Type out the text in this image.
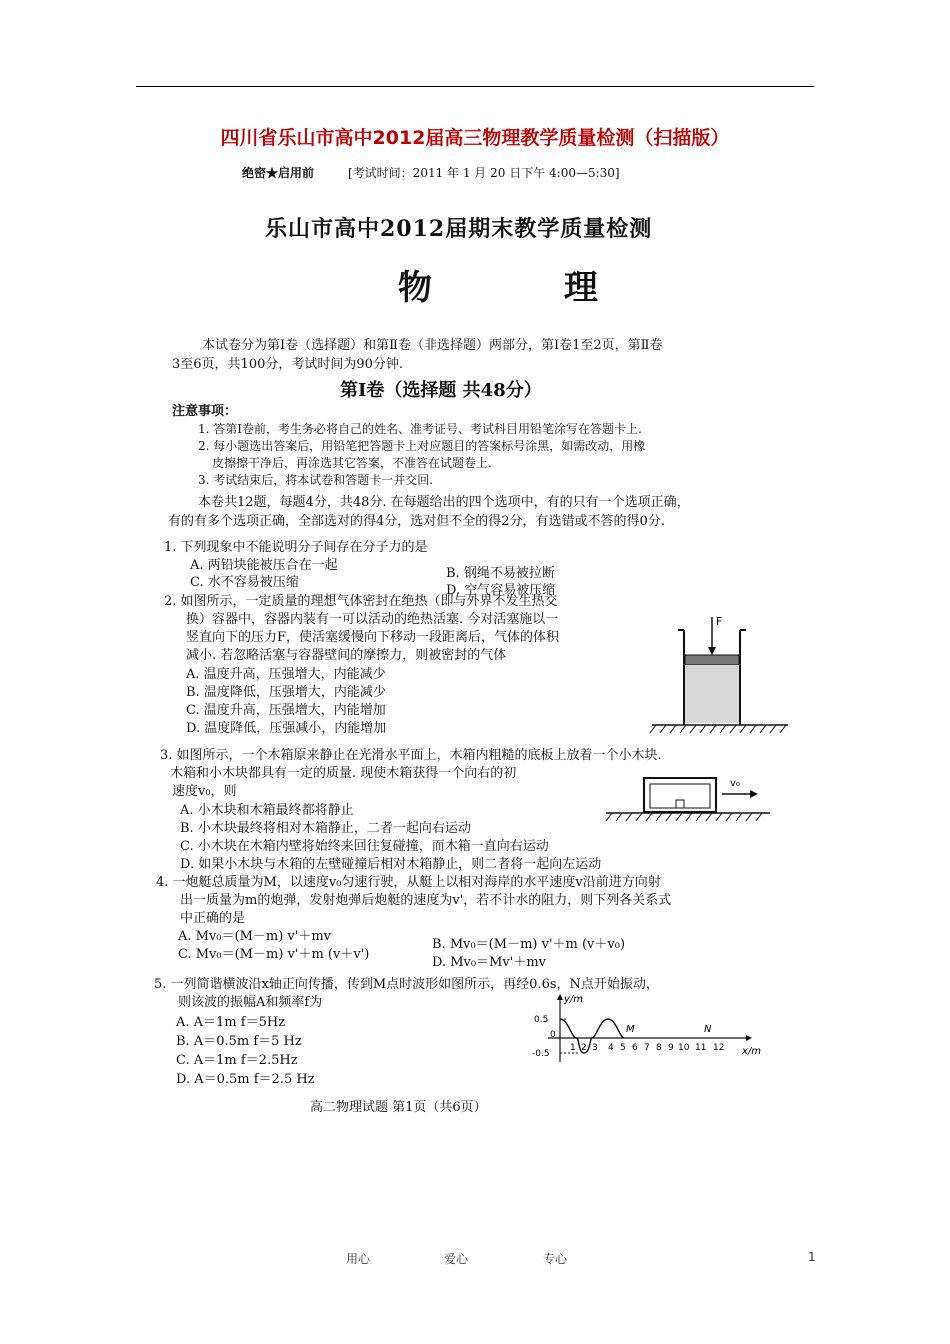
四川省乐山市高中2012届高三物理教学质量检测（扫描版）
绝密★启用前	[考试时间：2011 年 1 月 20 日下午 4:00—5:30]
乐山市高中2012届期末教学质量检测
物 理
本试卷分为第Ⅰ卷（选择题）和第Ⅱ卷（非选择题）两部分，第Ⅰ卷1至2页，第Ⅱ卷
3至6页，共100分，考试时间为90分钟.
第Ⅰ卷（选择题 共48分）
注意事项：
1. 答第Ⅰ卷前，考生务必将自己的姓名、准考证号、考试科目用铅笔涂写在答题卡上.
2. 每小题选出答案后，用铅笔把答题卡上对应题目的答案标号涂黑，如需改动，用橡
皮擦擦干净后，再涂选其它答案，不准答在试题卷上.
3. 考试结束后，将本试卷和答题卡一并交回.
本卷共12题，每题4分，共48分. 在每题给出的四个选项中，有的只有一个选项正确，
有的有多个选项正确，全部选对的得4分，选对但不全的得2分，有选错或不答的得0分.
1. 下列现象中不能说明分子间存在分子力的是
A. 两铅块能被压合在一起
B. 钢绳不易被拉断
C. 水不容易被压缩
D. 空气容易被压缩
2. 如图所示，一定质量的理想气体密封在绝热（即与外界不发生热交
换）容器中，容器内装有一可以活动的绝热活塞. 今对活塞施以一
竖直向下的压力F，使活塞缓慢向下移动一段距离后，气体的体积
减小. 若忽略活塞与容器壁间的摩擦力，则被密封的气体
A. 温度升高，压强增大，内能减少
B. 温度降低，压强增大，内能减少
C. 温度升高，压强增大，内能增加
D. 温度降低，压强减小，内能增加
F
3. 如图所示，一个木箱原来静止在光滑水平面上，木箱内粗糙的底板上放着一个小木块.
木箱和小木块都具有一定的质量. 现使木箱获得一个向右的初
速度v₀，则
A. 小木块和木箱最终都将静止
B. 小木块最终将相对木箱静止，二者一起向右运动
C. 小木块在木箱内壁将始终来回往复碰撞，而木箱一直向右运动
D. 如果小木块与木箱的左壁碰撞后相对木箱静止，则二者将一起向左运动
v₀
4. 一炮艇总质量为M，以速度v₀匀速行驶，从艇上以相对海岸的水平速度v沿前进方向射
出一质量为m的炮弹，发射炮弹后炮艇的速度为v'，若不计水的阻力，则下列各关系式
中正确的是
A. Mv₀＝(M－m) v'＋mv
B. Mv₀＝(M－m) v'＋m (v＋v₀)
C. Mv₀＝(M－m) v'＋m (v＋v')
D. Mv₀＝Mv'＋mv
5. 一列简谐横波沿x轴正向传播，传到M点时波形如图所示，再经0.6s，N点开始振动，
则该波的振幅A和频率f为
A. A＝1m f＝5Hz
B. A＝0.5m f＝5 Hz
C. A＝1m f＝2.5Hz
D. A＝0.5m f＝2.5 Hz
y/m
x/m
0.5
0
-0.5
1 2 3 4 5 6 7 8 9 10 11 12
M	N
高二物理试题 第1页（共6页）
用心	爱心	专心	1
